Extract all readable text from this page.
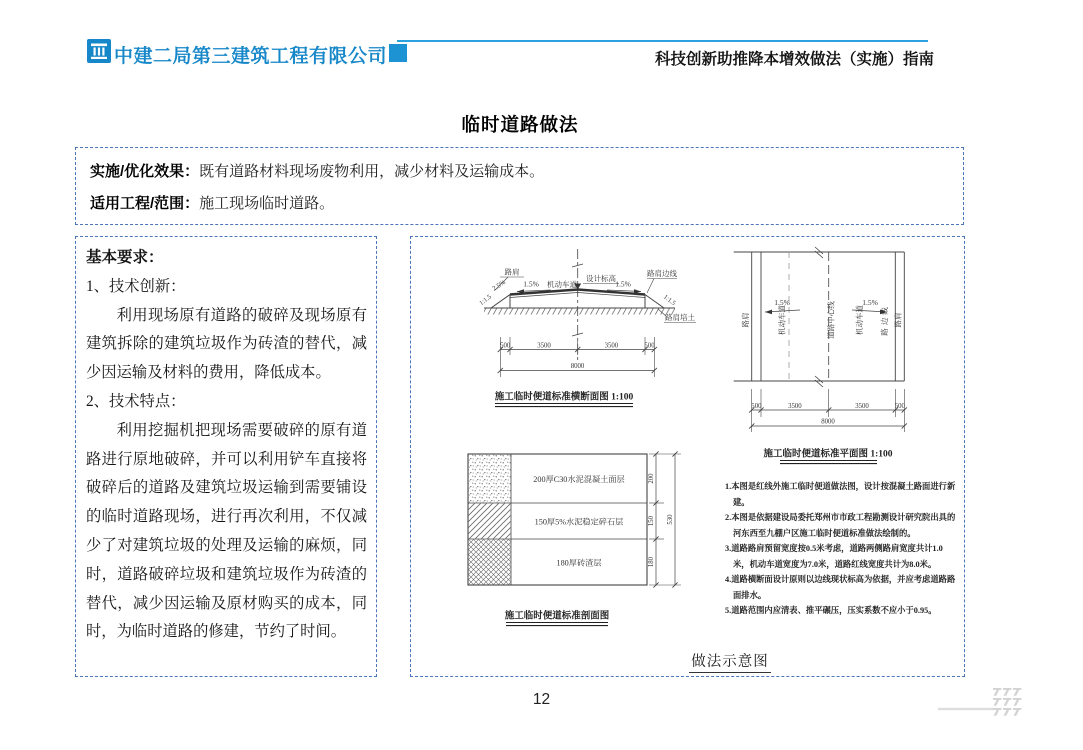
中建二局第三建筑工程有限公司	科技创新助推降本增效做法（实施）指南
临时道路做法
实施/优化效果：既有道路材料现场废物利用，减少材料及运输成本。
适用工程/范围：施工现场临时道路。
基本要求：
1、技术创新：

利用现场原有道路的破碎及现场原有建筑拆除的建筑垃圾作为砖渣的替代，减少因运输及材料的费用，降低成本。

2、技术特点：

利用挖掘机把现场需要破碎的原有道路进行原地破碎，并可以利用铲车直接将破碎后的道路及建筑垃圾运输到需要铺设的临时道路现场，进行再次利用，不仅减少了对建筑垃圾的处理及运输的麻烦，同时，道路破碎垃圾和建筑垃圾作为砖渣的替代，减少因运输及原材购买的成本，同时，为临时道路的修建，节约了时间。

路肩
2.5% 1.5% 机动车道
设计标高
1.5%
路肩边线
1:1.5	1:1.5
路肩培土
500	3500	3500	500
8000
施工临时便道标准横断面图 1:100
路肩	机动车道	道路中心线	机动车道 路边线 路肩
1.5%	1.5%
500	3500	3500	500
8000
施工临时便道标准平面图 1:100
200厚C30水泥混凝土面层
150厚5%水泥稳定碎石层
180厚砖渣层
200
150
180
530
施工临时便道标准剖面图
1.本图是红线外施工临时便道做法图，设计按混凝土路面进行新建。
2.本图是依据建设局委托郑州市市政工程勘测设计研究院出具的河东西至九棚户区施工临时便道标准做法绘制的。
3.道路路肩预留宽度按0.5米考虑，道路两侧路肩宽度共计1.0米，机动车道宽度为7.0米，道路红线宽度共计为8.0米。
4.道路横断面设计原则以边线现状标高为依据，并应考虑道路路面排水。
5.道路范围内应清表、推平碾压，压实系数不应小于0.95。
做法示意图
12
